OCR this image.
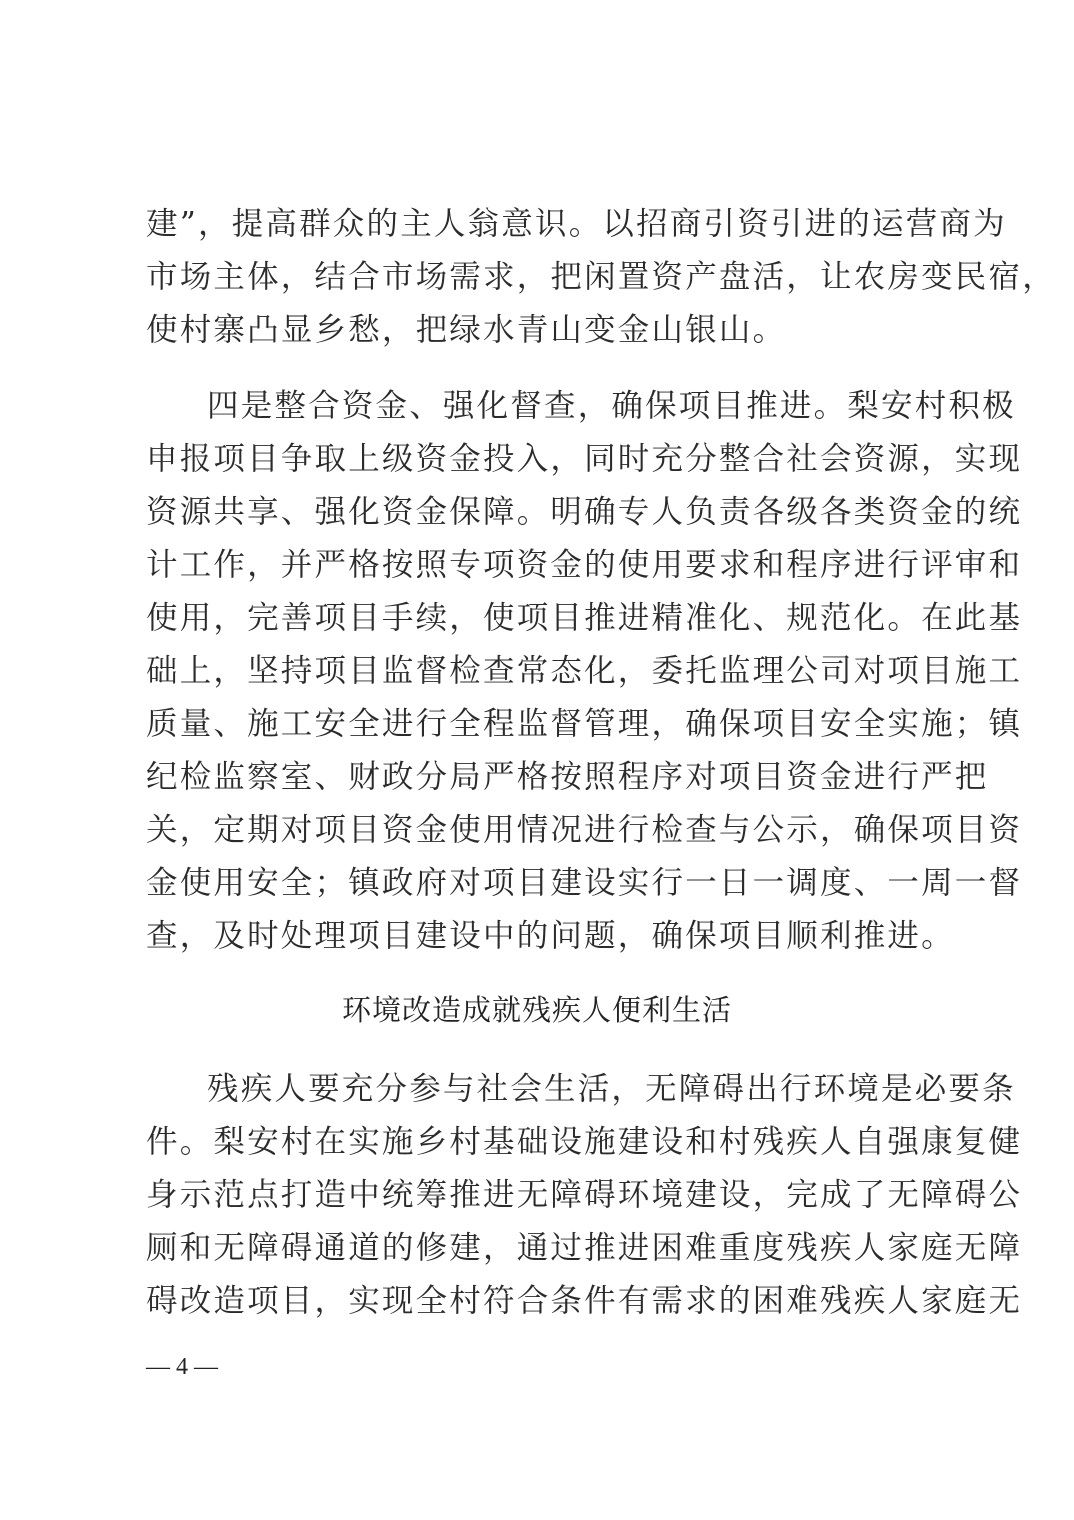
建”，提高群众的主人翁意识。以招商引资引进的运营商为
市场主体，结合市场需求，把闲置资产盘活，让农房变民宿，
使村寨凸显乡愁，把绿水青山变金山银山。
四是整合资金、强化督查，确保项目推进。梨安村积极
申报项目争取上级资金投入，同时充分整合社会资源，实现
资源共享、强化资金保障。明确专人负责各级各类资金的统
计工作，并严格按照专项资金的使用要求和程序进行评审和
使用，完善项目手续，使项目推进精准化、规范化。在此基
础上，坚持项目监督检查常态化，委托监理公司对项目施工
质量、施工安全进行全程监督管理，确保项目安全实施；镇
纪检监察室、财政分局严格按照程序对项目资金进行严把
关，定期对项目资金使用情况进行检查与公示，确保项目资
金使用安全；镇政府对项目建设实行一日一调度、一周一督
查，及时处理项目建设中的问题，确保项目顺利推进。
环境改造成就残疾人便利生活
残疾人要充分参与社会生活，无障碍出行环境是必要条
件。梨安村在实施乡村基础设施建设和村残疾人自强康复健
身示范点打造中统筹推进无障碍环境建设，完成了无障碍公
厕和无障碍通道的修建，通过推进困难重度残疾人家庭无障
碍改造项目，实现全村符合条件有需求的困难残疾人家庭无
— 4 —
